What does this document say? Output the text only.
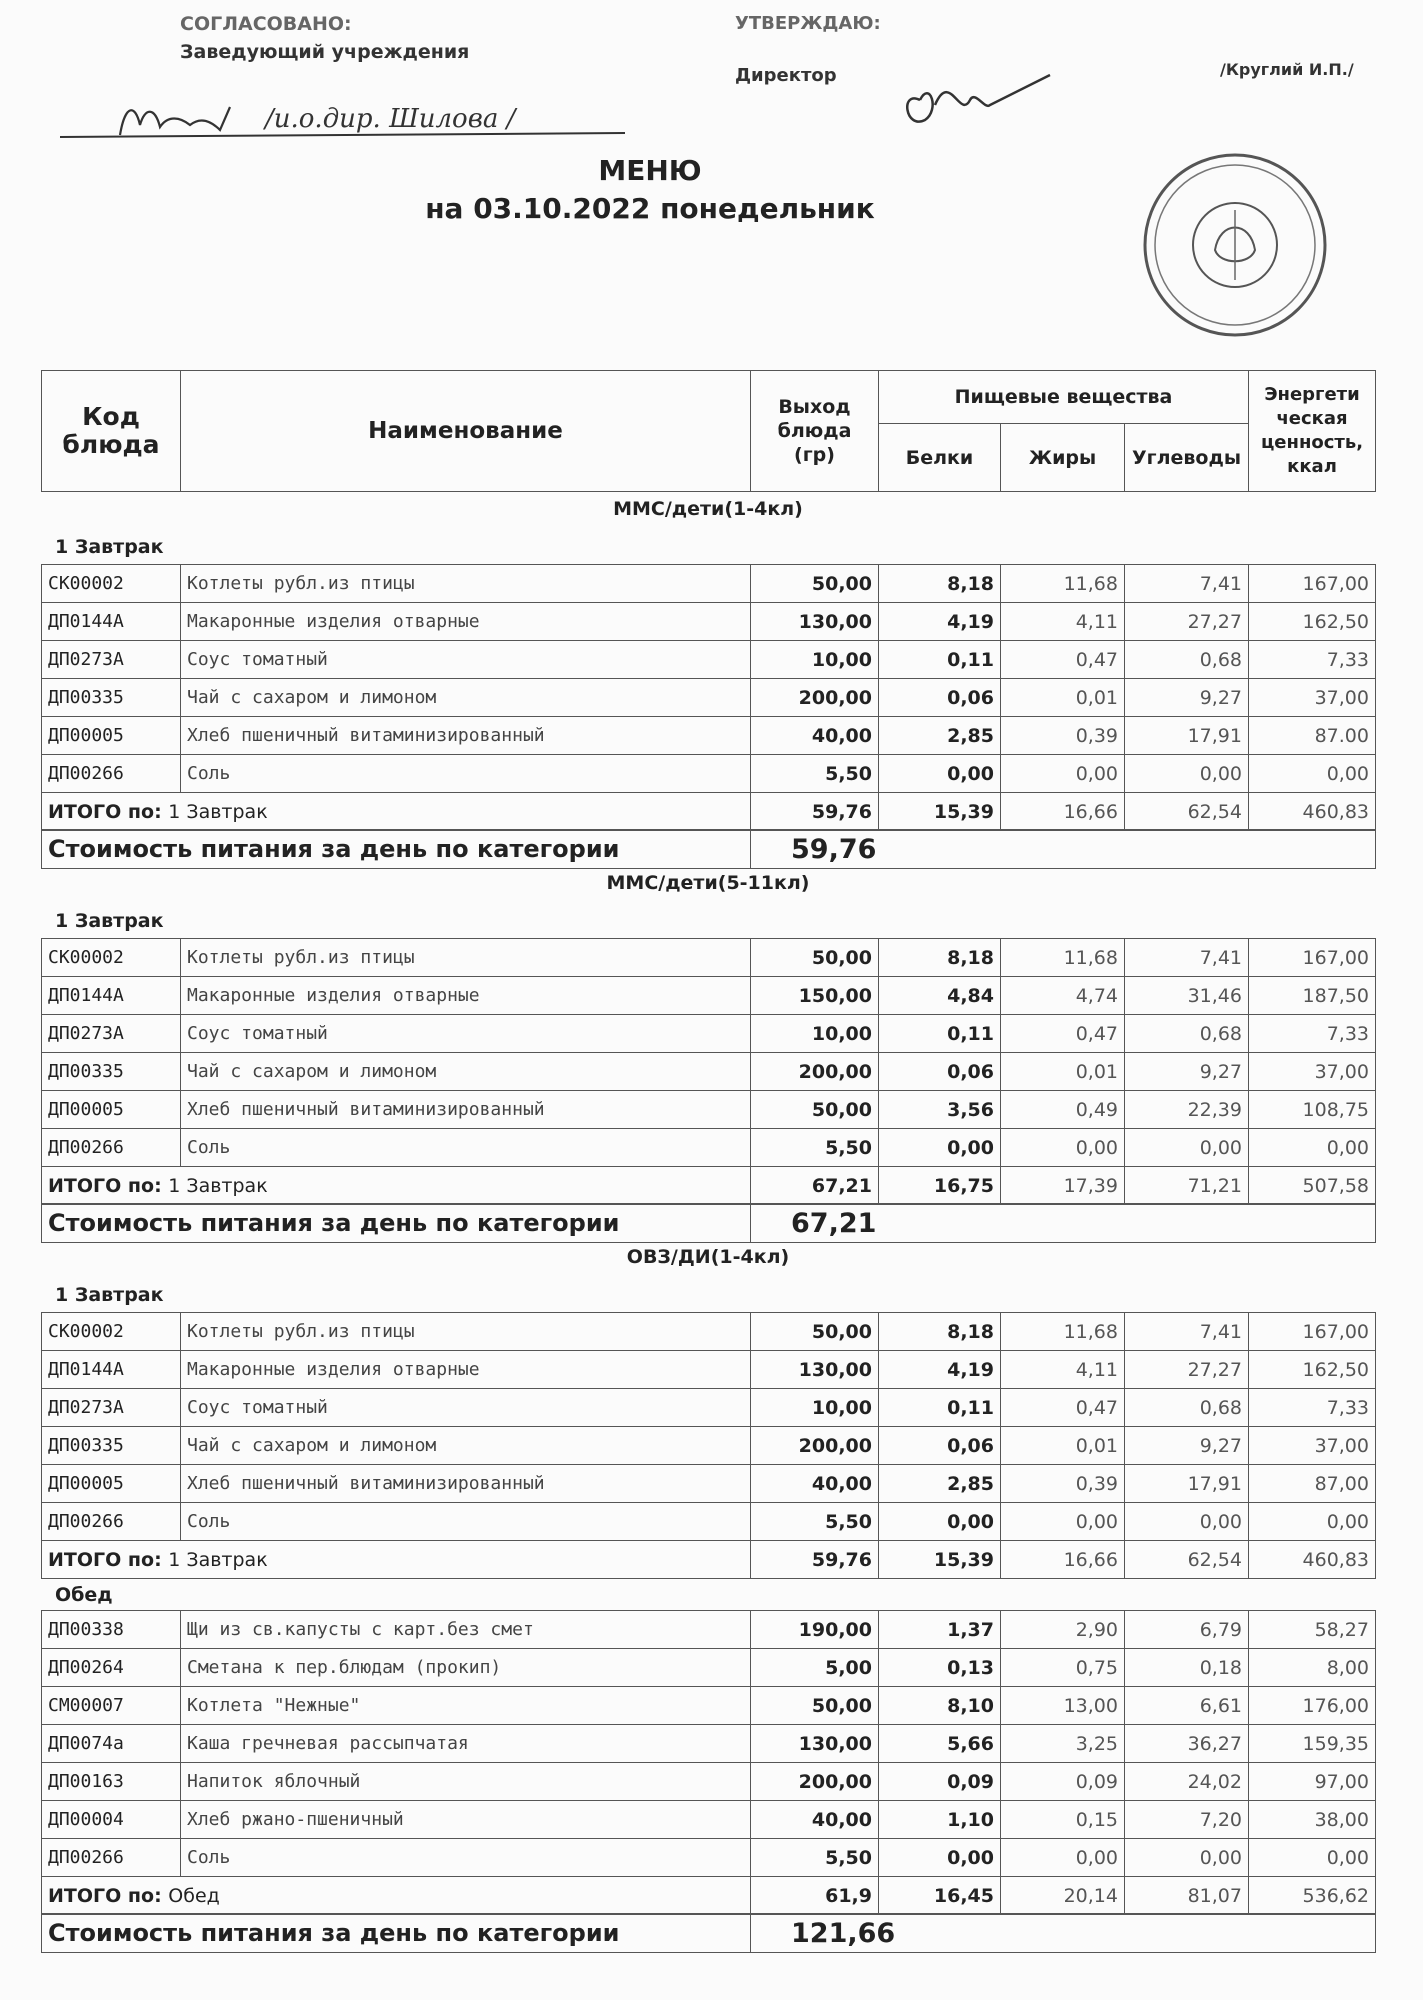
СОГЛАСОВАНО:
Заведующий учреждения
/и.о.дир. Шилова /
УТВЕРЖДАЮ:
Директор	/Круглий И.П./
МЕНЮ
на 03.10.2022 понедельник
Код блюда	Наименование	Выход блюда (гр)	Пищевые вещества			Энергети ческая ценность, ккал
			Белки	Жиры	Углеводы	
ММС/дети(1-4кл)
1 Завтрак
СК00002	Котлеты рубл.из птицы	50,00	8,18	11,68	7,41	167,00
ДП0144А	Макаронные изделия отварные	130,00	4,19	4,11	27,27	162,50
ДП0273А	Соус томатный	10,00	0,11	0,47	0,68	7,33
ДП00335	Чай с сахаром и лимоном	200,00	0,06	0,01	9,27	37,00
ДП00005	Хлеб пшеничный витаминизированный	40,00	2,85	0,39	17,91	87.00
ДП00266	Соль	5,50	0,00	0,00	0,00	0,00
ИТОГО по: 1 Завтрак		59,76	15,39	16,66	62,54	460,83
Стоимость питания за день по категории	59,76
ММС/дети(5-11кл)
1 Завтрак
СК00002	Котлеты рубл.из птицы	50,00	8,18	11,68	7,41	167,00
ДП0144А	Макаронные изделия отварные	150,00	4,84	4,74	31,46	187,50
ДП0273А	Соус томатный	10,00	0,11	0,47	0,68	7,33
ДП00335	Чай с сахаром и лимоном	200,00	0,06	0,01	9,27	37,00
ДП00005	Хлеб пшеничный витаминизированный	50,00	3,56	0,49	22,39	108,75
ДП00266	Соль	5,50	0,00	0,00	0,00	0,00
ИТОГО по: 1 Завтрак		67,21	16,75	17,39	71,21	507,58
Стоимость питания за день по категории	67,21
ОВЗ/ДИ(1-4кл)
1 Завтрак
СК00002	Котлеты рубл.из птицы	50,00	8,18	11,68	7,41	167,00
ДП0144А	Макаронные изделия отварные	130,00	4,19	4,11	27,27	162,50
ДП0273А	Соус томатный	10,00	0,11	0,47	0,68	7,33
ДП00335	Чай с сахаром и лимоном	200,00	0,06	0,01	9,27	37,00
ДП00005	Хлеб пшеничный витаминизированный	40,00	2,85	0,39	17,91	87,00
ДП00266	Соль	5,50	0,00	0,00	0,00	0,00
ИТОГО по: 1 Завтрак		59,76	15,39	16,66	62,54	460,83
Обед
ДП00338	Щи из св.капусты с карт.без смет	190,00	1,37	2,90	6,79	58,27
ДП00264	Сметана к пер.блюдам (прокип)	5,00	0,13	0,75	0,18	8,00
СМ00007	Котлета "Нежные"	50,00	8,10	13,00	6,61	176,00
ДП0074а	Каша гречневая рассыпчатая	130,00	5,66	3,25	36,27	159,35
ДП00163	Напиток яблочный	200,00	0,09	0,09	24,02	97,00
ДП00004	Хлеб ржано-пшеничный	40,00	1,10	0,15	7,20	38,00
ДП00266	Соль	5,50	0,00	0,00	0,00	0,00
ИТОГО по: Обед		61,9	16,45	20,14	81,07	536,62
Стоимость питания за день по категории	121,66
